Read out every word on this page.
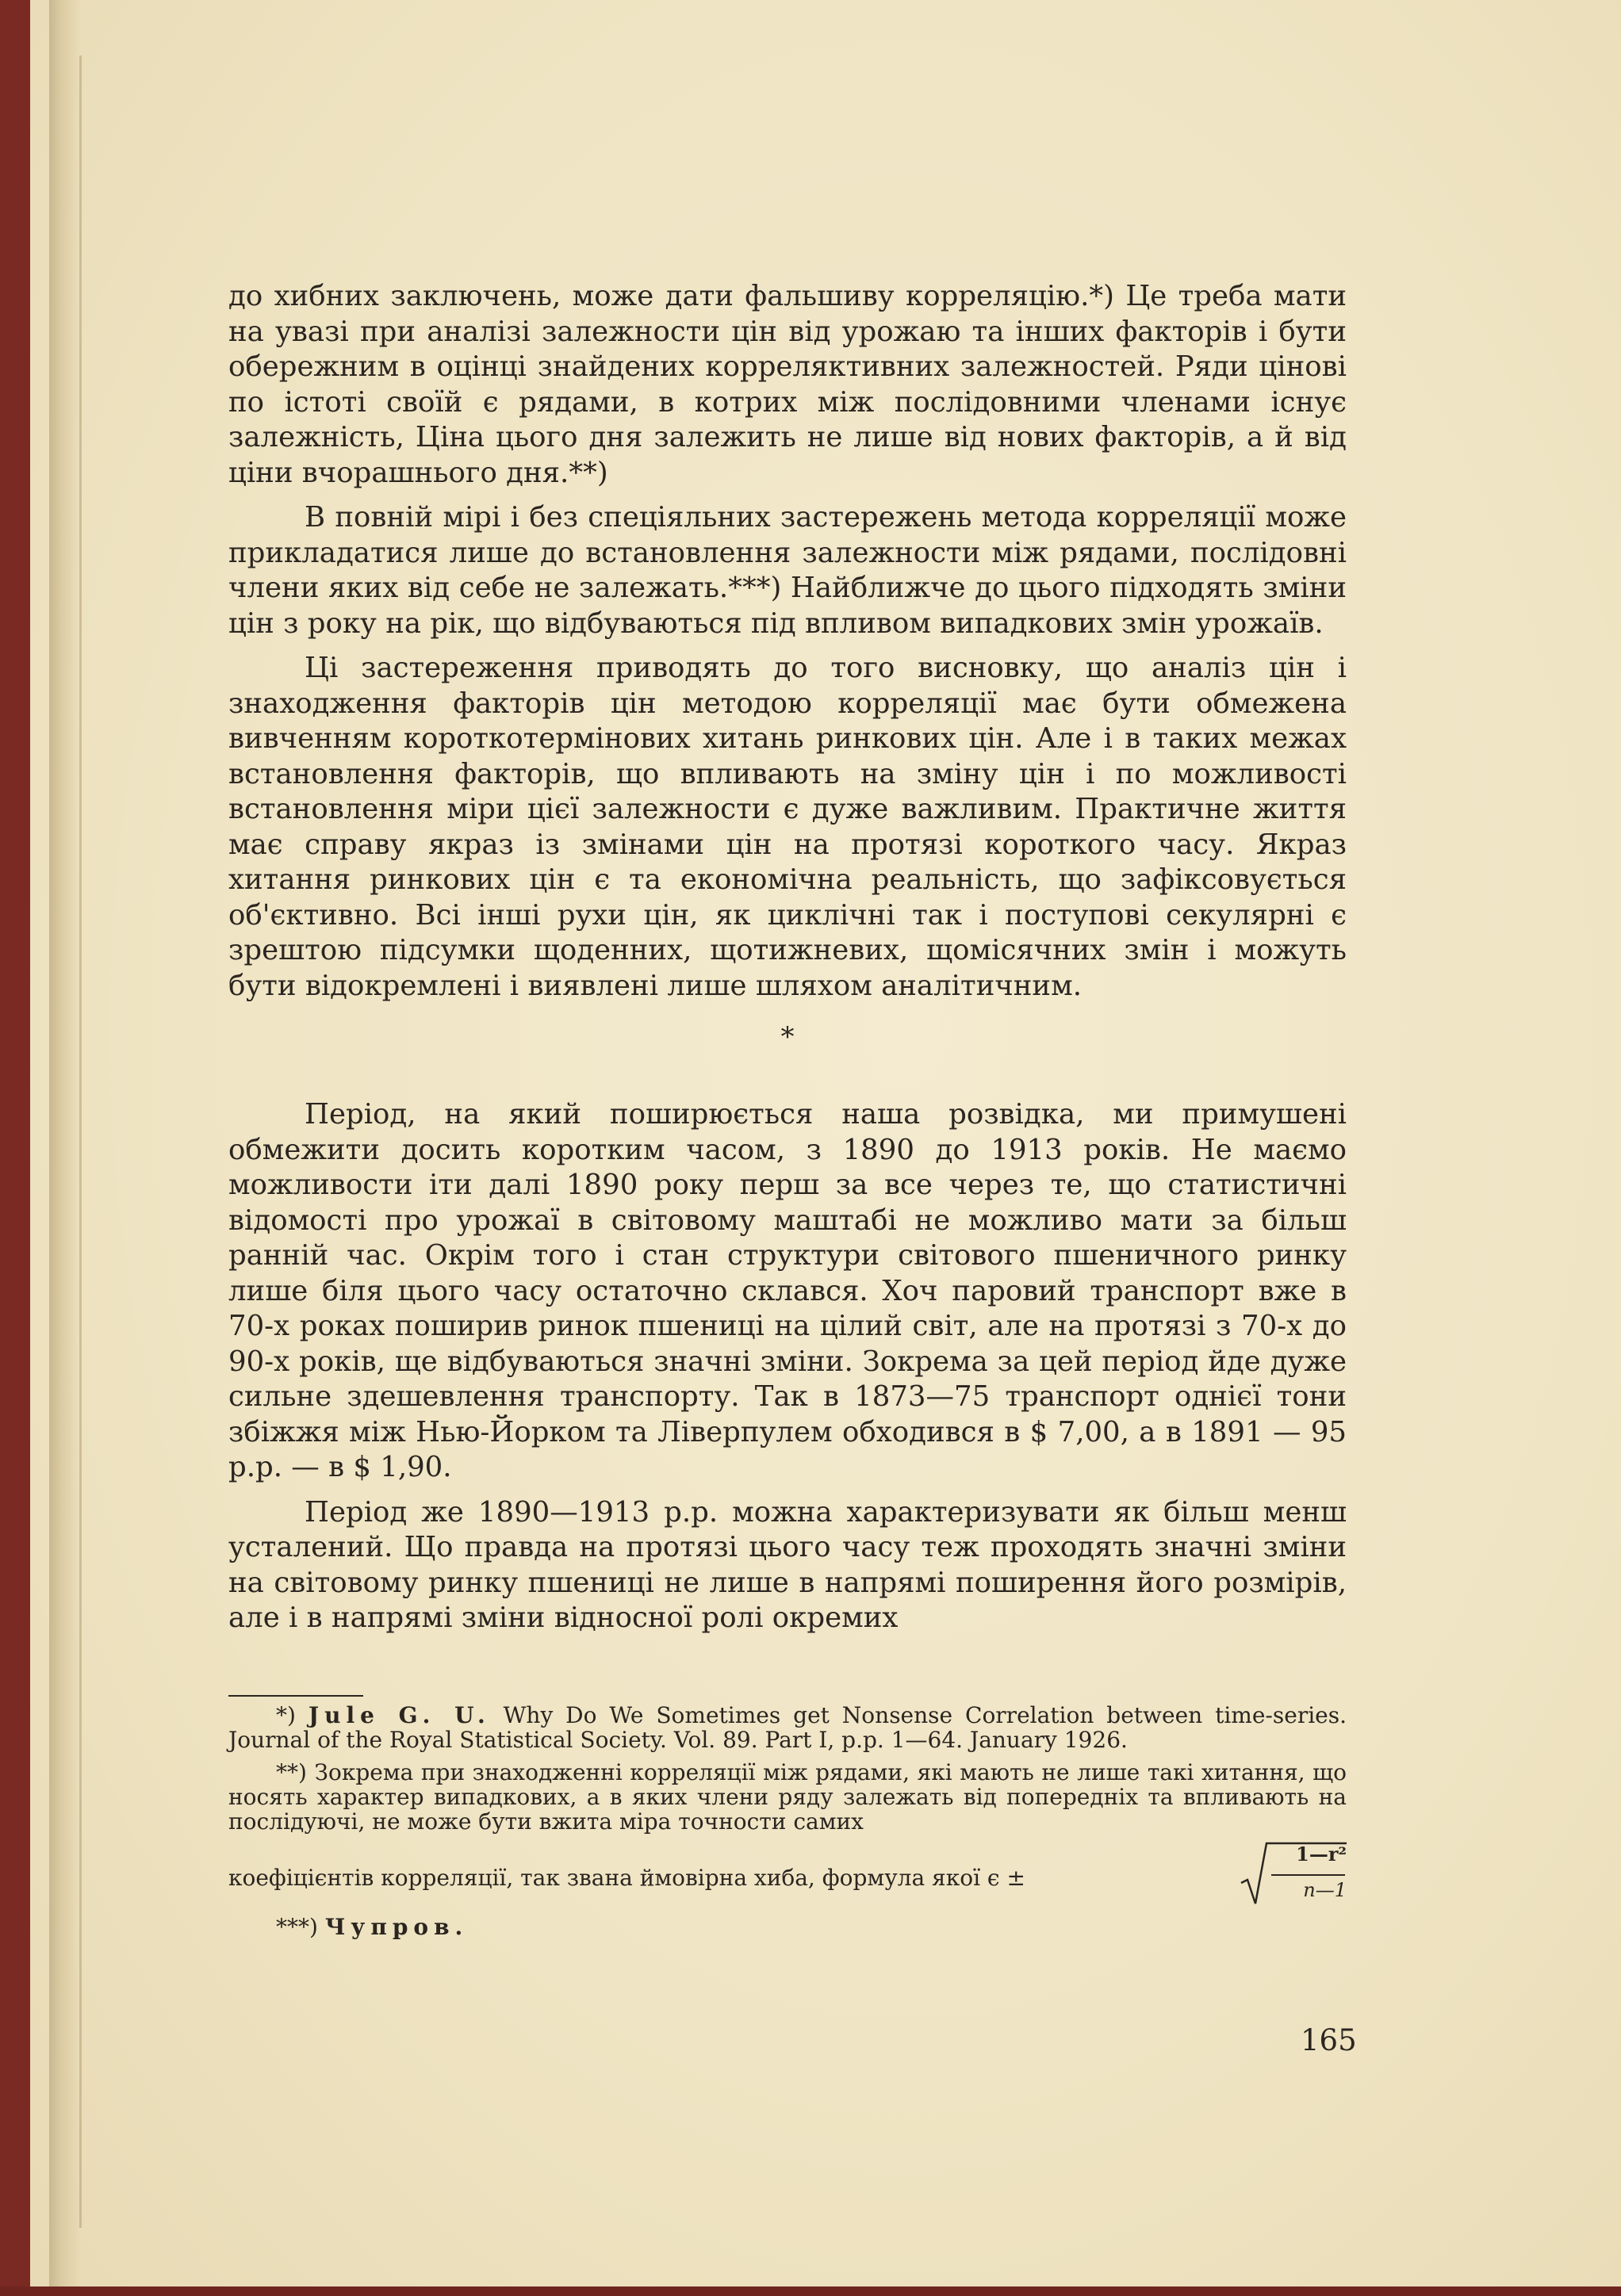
до хибних заключень, може дати фальшиву корреляцію.*) Це треба мати на увазі при аналізі залежности цін від урожаю та інших факторів і бути обережним в оцінці знайдених корреляктивних залежностей. Ряди цінові по істоті своїй є рядами, в котрих між послідовними членами існує залежність, Ціна цього дня залежить не лише від нових факторів, а й від ціни вчорашнього дня.**)

В повній мірі і без спеціяльних застережень метода корреляції може прикладатися лише до встановлення залежности між рядами, послідовні члени яких від себе не залежать.***) Найближче до цього підходять зміни цін з року на рік, що відбуваються під впливом випадкових змін урожаїв.

Ці застереження приводять до того висновку, що аналіз цін і знаходження факторів цін методою корреляції має бути обмежена вивченням короткотермінових хитань ринкових цін. Але і в таких межах встановлення факторів, що впливають на зміну цін і по можливості встановлення міри цієї залежности є дуже важливим. Практичне життя має справу якраз із змінами цін на протязі короткого часу. Якраз хитання ринкових цін є та економічна реальність, що зафіксовується об'єктивно. Всі інші рухи цін, як циклічні так і поступові секулярні є зрештою підсумки щоденних, щотижневих, щомісячних змін і можуть бути відокремлені і виявлені лише шляхом аналітичним.

*

Період, на який поширюється наша розвідка, ми примушені обмежити досить коротким часом, з 1890 до 1913 років. Не маємо можливости іти далі 1890 року перш за все через те, що статистичні відомості про урожаї в світовому маштабі не можливо мати за більш ранній час. Окрім того і стан структури світового пшеничного ринку лише біля цього часу остаточно склався. Хоч паровий транспорт вже в 70-х роках поширив ринок пшениці на цілий світ, але на протязі з 70-х до 90-х років, ще відбуваються значні зміни. Зокрема за цей період йде дуже сильне здешевлення транспорту. Так в 1873—75 транспорт однієї тони збіжжя між Нью-Йорком та Ліверпулем обходився в $ 7,00, а в 1891 — 95 р.р. — в $ 1,90.

Період же 1890—1913 р.р. можна характеризувати як більш менш усталений. Що правда на протязі цього часу теж проходять значні зміни на світовому ринку пшениці не лише в напрямі поширення його розмірів, але і в напрямі зміни відносної ролі окремих

*) Jule G. U. Why Do We Sometimes get Nonsense Correlation between time-series. Journal of the Royal Statistical Society. Vol. 89. Part I, p.p. 1—64. January 1926.

**) Зокрема при знаходженні корреляції між рядами, які мають не лише такі хитання, що носять характер випадкових, а в яких члени ряду залежать від попередніх та впливають на послідуючі, не може бути вжита міра точности самих

коефіцієнтів корреляції, так звана ймовірна хиба, формула якої є ±
1—r²
n—1

***) Чупров.

165
